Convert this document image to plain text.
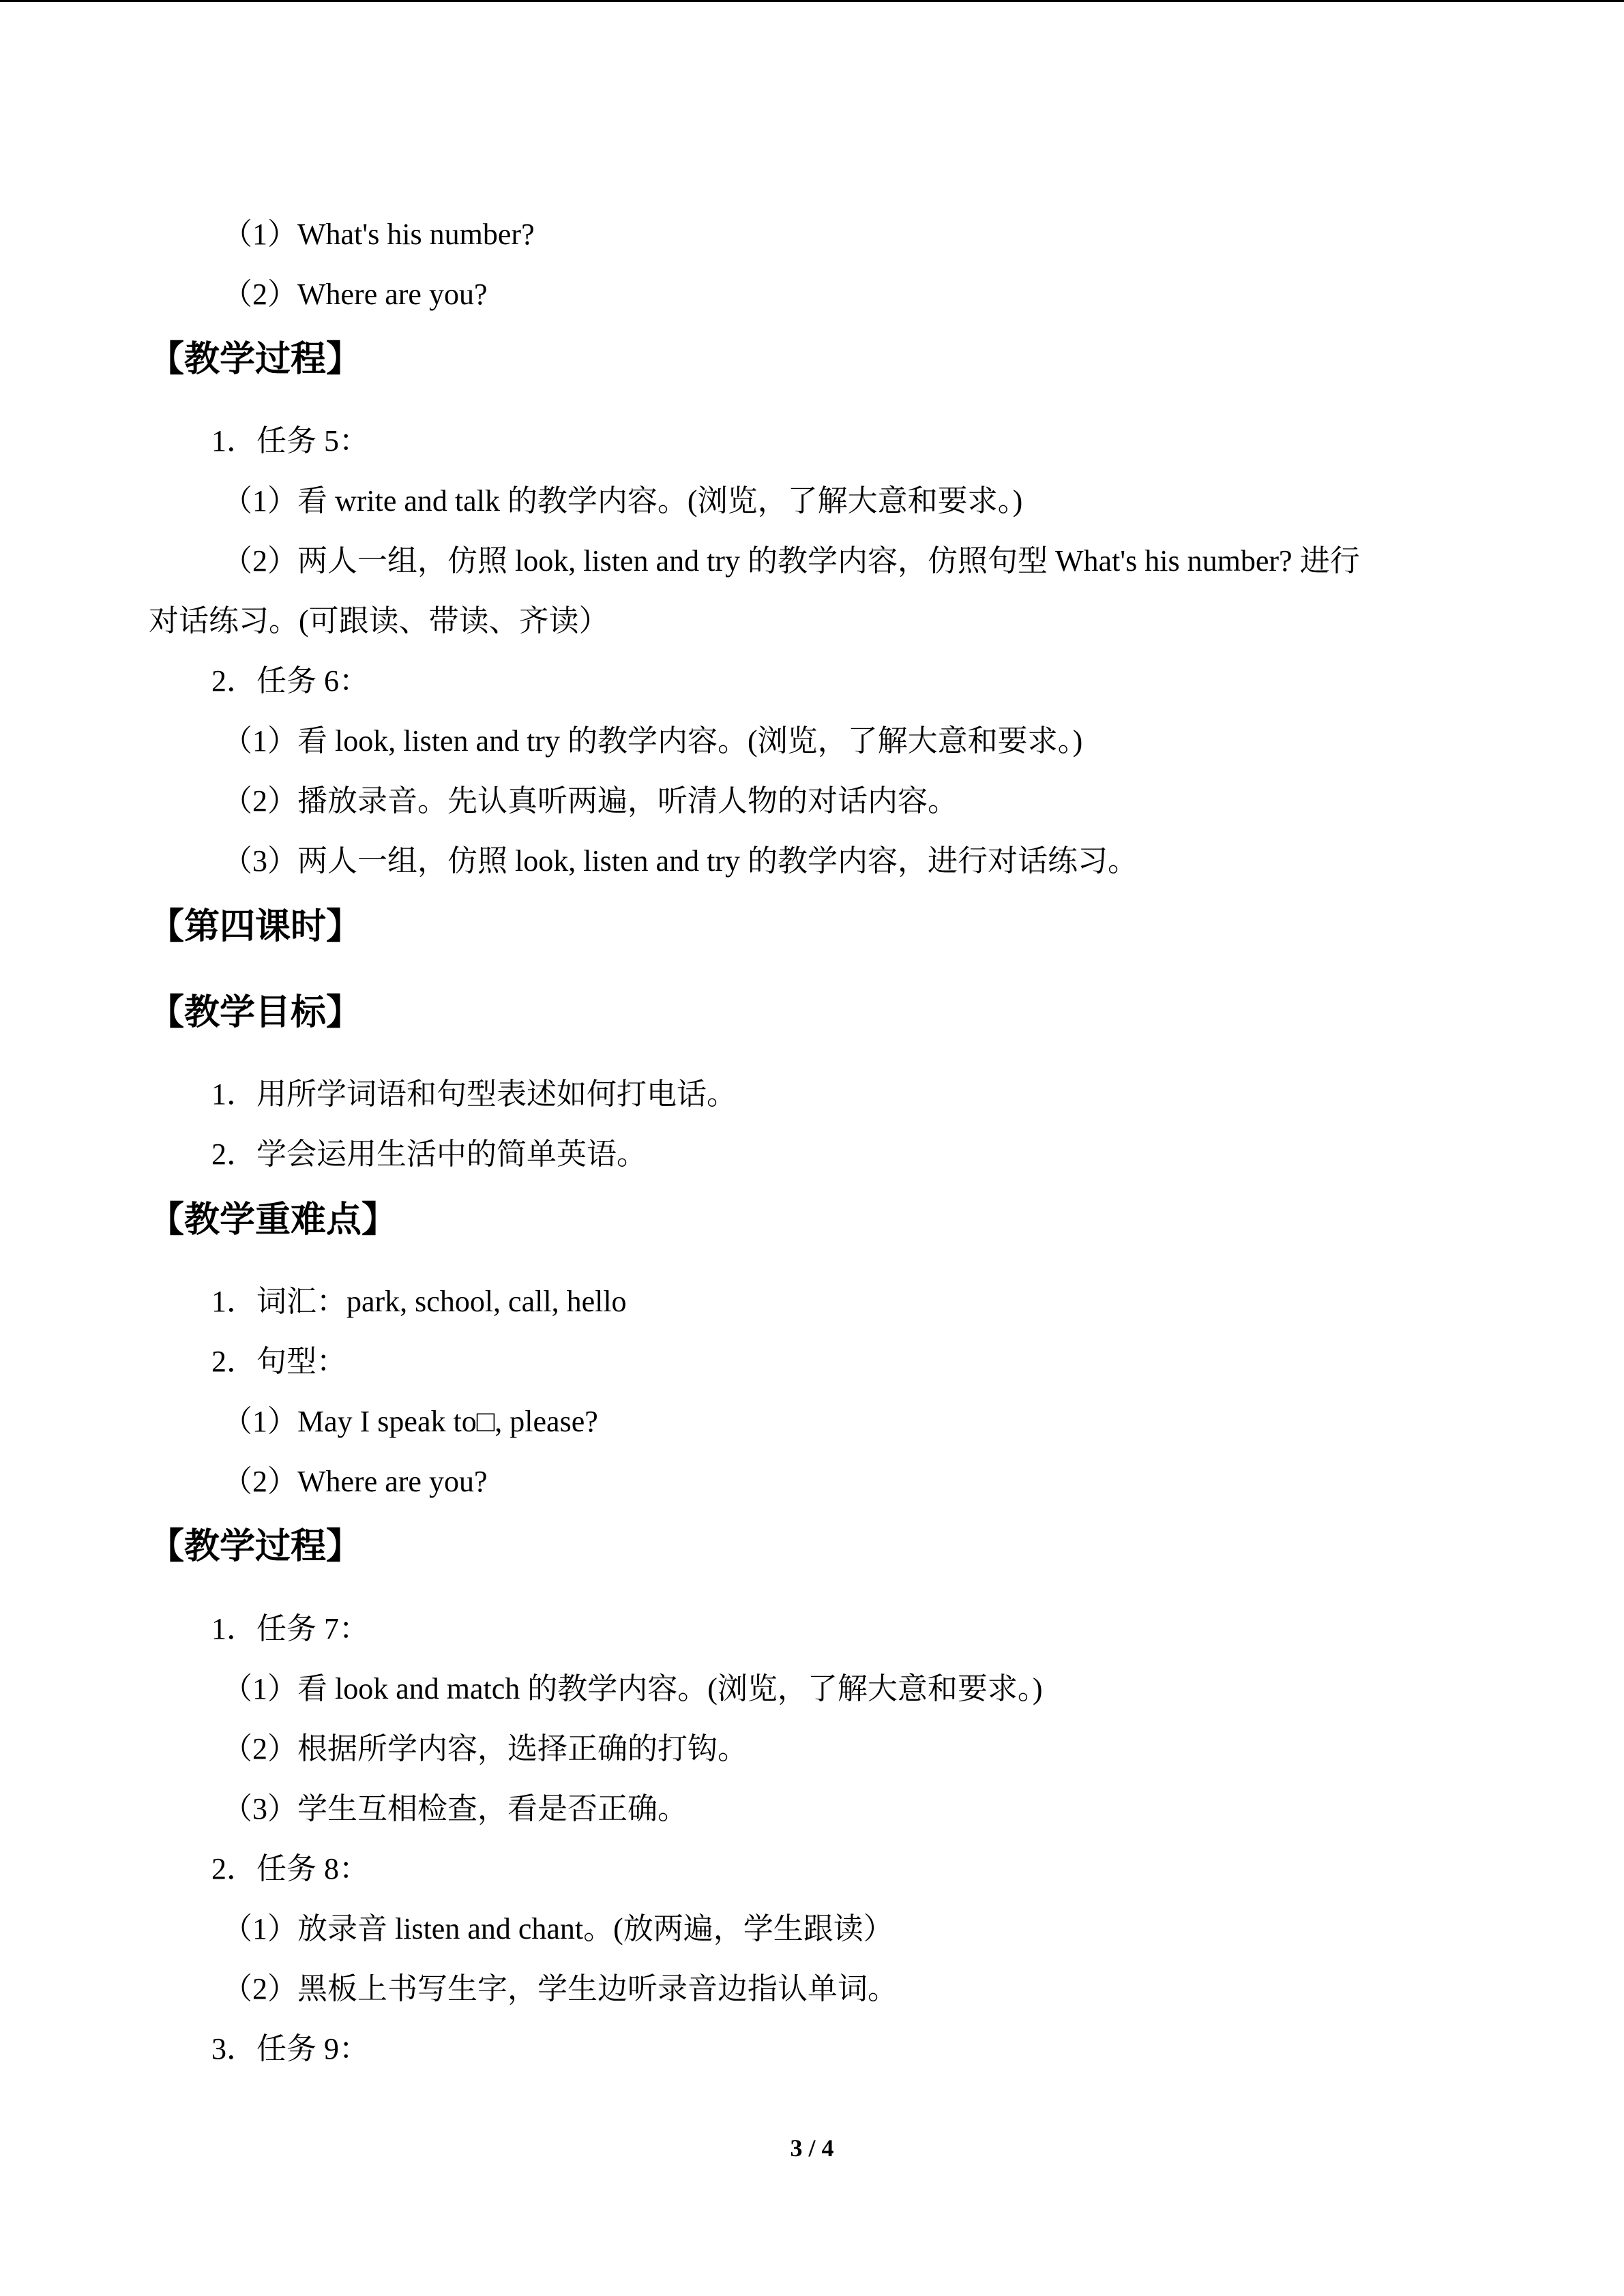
（1）What's his number?
（2）Where are you?
【教学过程】
1．任务 5：
（1）看 write and talk 的教学内容。(浏览，了解大意和要求。)
（2）两人一组，仿照 look, listen and try 的教学内容，仿照句型 What's his number? 进行
对话练习。(可跟读、带读、齐读）
2．任务 6：
（1）看 look, listen and try 的教学内容。(浏览，了解大意和要求。)
（2）播放录音。先认真听两遍，听清人物的对话内容。
（3）两人一组，仿照 look, listen and try 的教学内容，进行对话练习。
【第四课时】
【教学目标】
1．用所学词语和句型表述如何打电话。
2．学会运用生活中的简单英语。
【教学重难点】
1．词汇：park, school, call, hello
2．句型：
（1）May I speak to□, please?
（2）Where are you?
【教学过程】
1．任务 7：
（1）看 look and match 的教学内容。(浏览，了解大意和要求。)
（2）根据所学内容，选择正确的打钩。
（3）学生互相检查，看是否正确。
2．任务 8：
（1）放录音 listen and chant。(放两遍，学生跟读）
（2）黑板上书写生字，学生边听录音边指认单词。
3．任务 9：
3 / 4
